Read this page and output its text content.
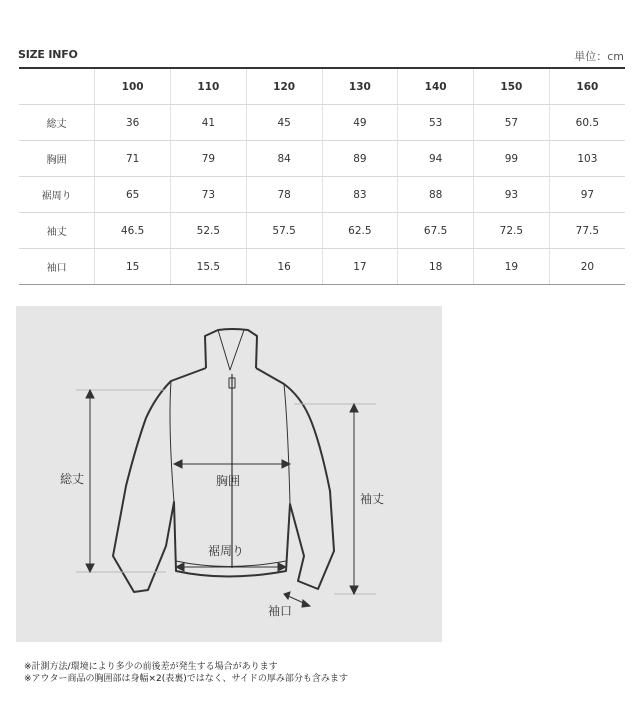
SIZE INFO	単位：cm
	100	110	120	130	140	150	160
総丈	36	41	45	49	53	57	60.5
胸囲	71	79	84	89	94	99	103
裾周り	65	73	78	83	88	93	97
袖丈	46.5	52.5	57.5	62.5	67.5	72.5	77.5
袖口	15	15.5	16	17	18	19	20
総丈	胸囲
裾周り
袖丈
袖口
※計測方法/環境により多少の前後差が発生する場合があります
※アウター商品の胸囲部は身幅×2(表裏)ではなく、サイドの厚み部分も含みます
